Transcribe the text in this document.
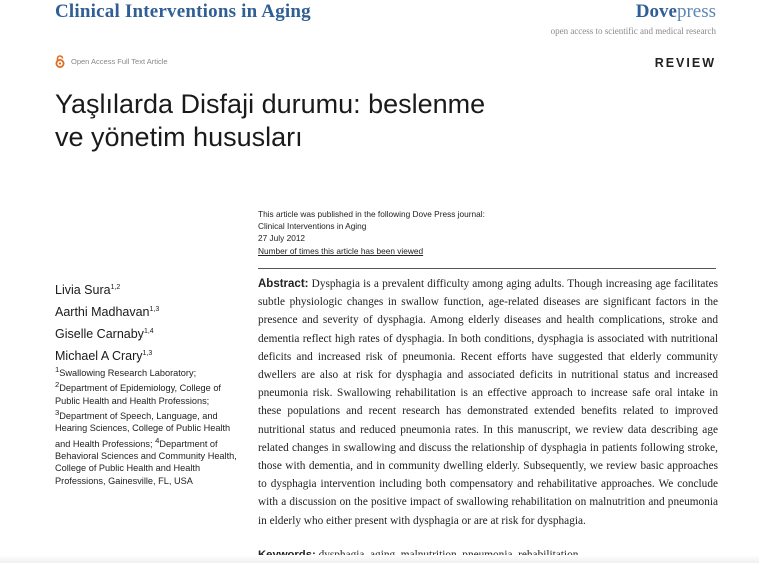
Clinical Interventions in Aging	Dovepress
open access to scientific and medical research
Open Access Full Text Article	REVIEW
Yaşlılarda Disfaji durumu: beslenme
ve yönetim hususları
This article was published in the following Dove Press journal:
Clinical Interventions in Aging
27 July 2012
Number of times this article has been viewed
Livia Sura$^{1,2}$
Aarthi Madhavan$^{1,3}$
Giselle Carnaby$^{1,4}$
Michael A Crary$^{1,3}$
$^1$Swallowing Research Laboratory; $^2$Department of Epidemiology, College of Public Health and Health Professions; $^3$Department of Speech, Language, and Hearing Sciences, College of Public Health and Health Professions; $^4$Department of Behavioral Sciences and Community Health, College of Public Health and Health Professions, Gainesville, FL, USA
Abstract: Dysphagia is a prevalent difficulty among aging adults. Though increasing age facilitates subtle physiologic changes in swallow function, age-related diseases are significant factors in the presence and severity of dysphagia. Among elderly diseases and health complications, stroke and dementia reflect high rates of dysphagia. In both conditions, dysphagia is associated with nutritional deficits and increased risk of pneumonia. Recent efforts have suggested that elderly community dwellers are also at risk for dysphagia and associated deficits in nutritional status and increased pneumonia risk. Swallowing rehabilitation is an effective approach to increase safe oral intake in these populations and recent research has demonstrated extended benefits related to improved nutritional status and reduced pneumonia rates. In this manuscript, we review data describing age related changes in swallowing and discuss the relationship of dysphagia in patients following stroke, those with dementia, and in community dwelling elderly. Subsequently, we review basic approaches to dysphagia intervention including both compensatory and rehabilitative approaches. We conclude with a discussion on the positive impact of swallowing rehabilitation on malnutrition and pneumonia in elderly who either present with dysphagia or are at risk for dysphagia.
